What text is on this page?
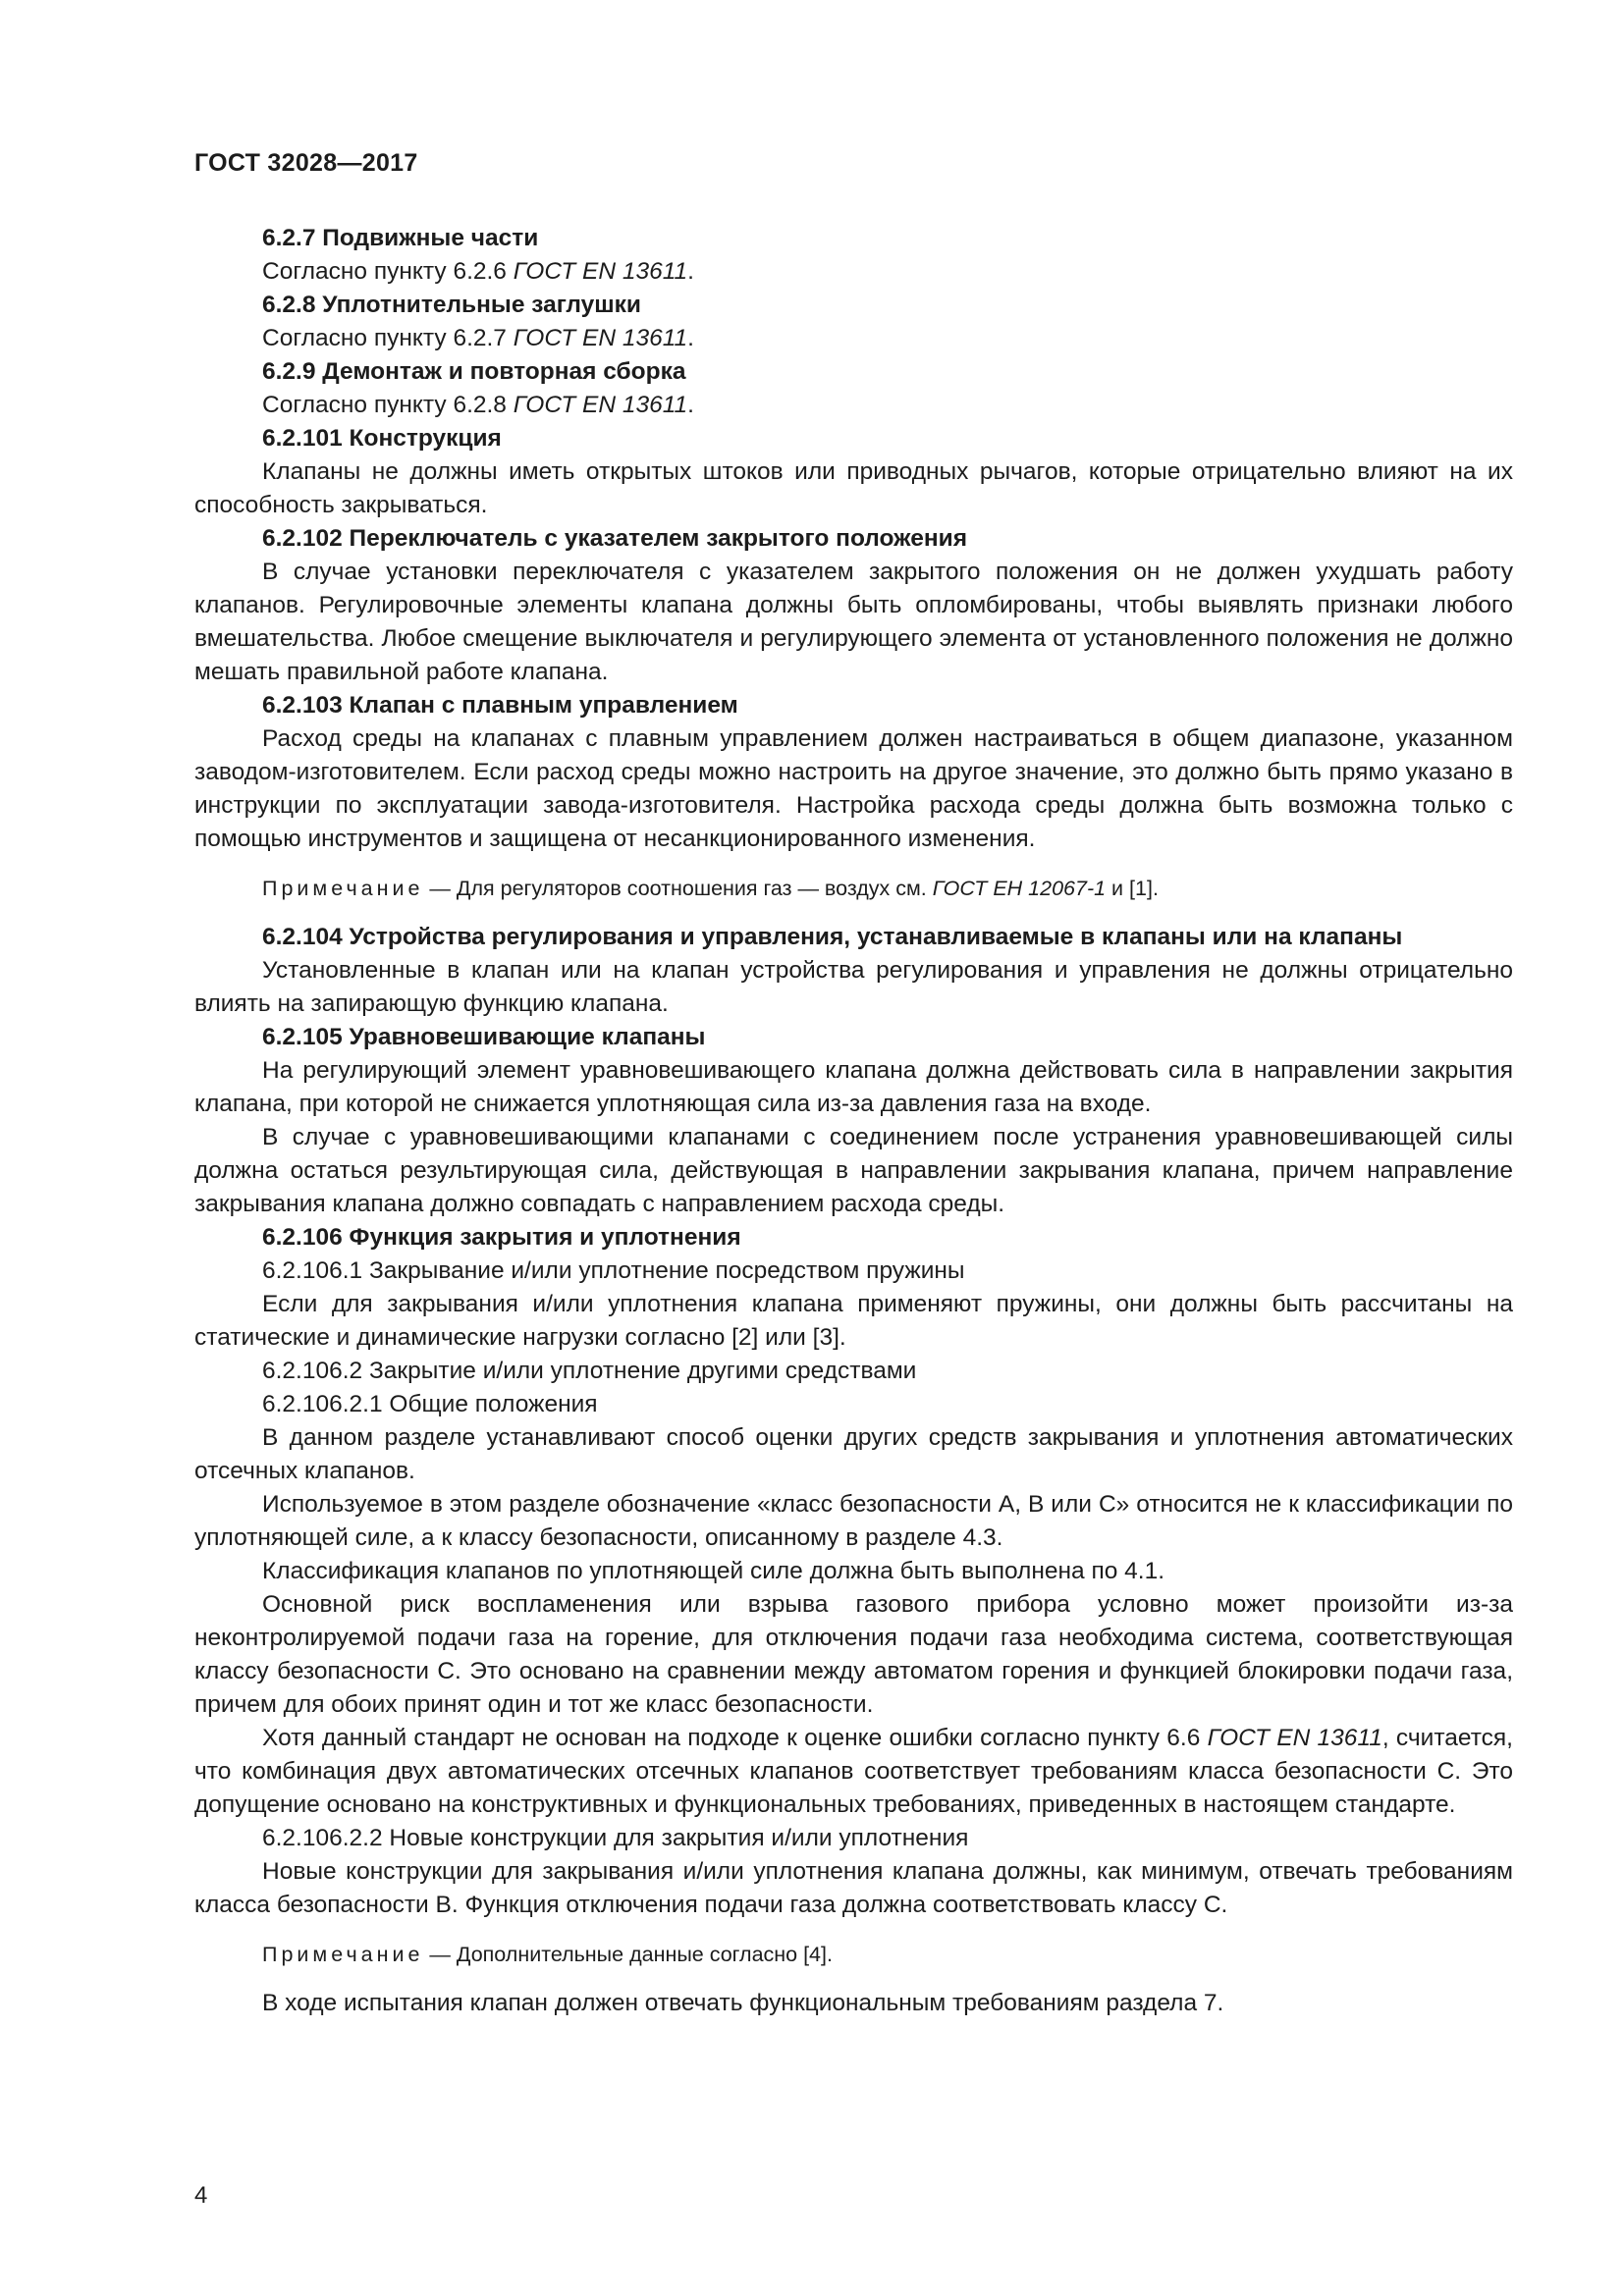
ГОСТ 32028—2017

6.2.7 Подвижные части

Согласно пункту 6.2.6 ГОСТ EN 13611.

6.2.8 Уплотнительные заглушки

Согласно пункту 6.2.7 ГОСТ EN 13611.

6.2.9 Демонтаж и повторная сборка

Согласно пункту 6.2.8 ГОСТ EN 13611.

6.2.101 Конструкция

Клапаны не должны иметь открытых штоков или приводных рычагов, которые отрицательно влияют на их способность закрываться.

6.2.102 Переключатель с указателем закрытого положения

В случае установки переключателя с указателем закрытого положения он не должен ухудшать работу клапанов. Регулировочные элементы клапана должны быть опломбированы, чтобы выявлять признаки любого вмешательства. Любое смещение выключателя и регулирующего элемента от установленного положения не должно мешать правильной работе клапана.

6.2.103 Клапан с плавным управлением

Расход среды на клапанах с плавным управлением должен настраиваться в общем диапазоне, указанном заводом-изготовителем. Если расход среды можно настроить на другое значение, это должно быть прямо указано в инструкции по эксплуатации завода-изготовителя. Настройка расхода среды должна быть возможна только с помощью инструментов и защищена от несанкционированного изменения.

Примечание — Для регуляторов соотношения газ — воздух см. ГОСТ ЕН 12067-1 и [1].

6.2.104 Устройства регулирования и управления, устанавливаемые в клапаны или на клапаны

Установленные в клапан или на клапан устройства регулирования и управления не должны отрицательно влиять на запирающую функцию клапана.

6.2.105 Уравновешивающие клапаны

На регулирующий элемент уравновешивающего клапана должна действовать сила в направлении закрытия клапана, при которой не снижается уплотняющая сила из-за давления газа на входе.

В случае с уравновешивающими клапанами с соединением после устранения уравновешивающей силы должна остаться результирующая сила, действующая в направлении закрывания клапана, причем направление закрывания клапана должно совпадать с направлением расхода среды.

6.2.106 Функция закрытия и уплотнения

6.2.106.1 Закрывание и/или уплотнение посредством пружины

Если для закрывания и/или уплотнения клапана применяют пружины, они должны быть рассчитаны на статические и динамические нагрузки согласно [2] или [3].

6.2.106.2 Закрытие и/или уплотнение другими средствами

6.2.106.2.1 Общие положения

В данном разделе устанавливают способ оценки других средств закрывания и уплотнения автоматических отсечных клапанов.

Используемое в этом разделе обозначение «класс безопасности А, В или С» относится не к классификации по уплотняющей силе, а к классу безопасности, описанному в разделе 4.3.

Классификация клапанов по уплотняющей силе должна быть выполнена по 4.1.

Основной риск воспламенения или взрыва газового прибора условно может произойти из-за неконтролируемой подачи газа на горение, для отключения подачи газа необходима система, соответствующая классу безопасности С. Это основано на сравнении между автоматом горения и функцией блокировки подачи газа, причем для обоих принят один и тот же класс безопасности.

Хотя данный стандарт не основан на подходе к оценке ошибки согласно пункту 6.6 ГОСТ EN 13611, считается, что комбинация двух автоматических отсечных клапанов соответствует требованиям класса безопасности С. Это допущение основано на конструктивных и функциональных требованиях, приведенных в настоящем стандарте.

6.2.106.2.2 Новые конструкции для закрытия и/или уплотнения

Новые конструкции для закрывания и/или уплотнения клапана должны, как минимум, отвечать требованиям класса безопасности В. Функция отключения подачи газа должна соответствовать классу С.

Примечание — Дополнительные данные согласно [4].

В ходе испытания клапан должен отвечать функциональным требованиям раздела 7.

4
